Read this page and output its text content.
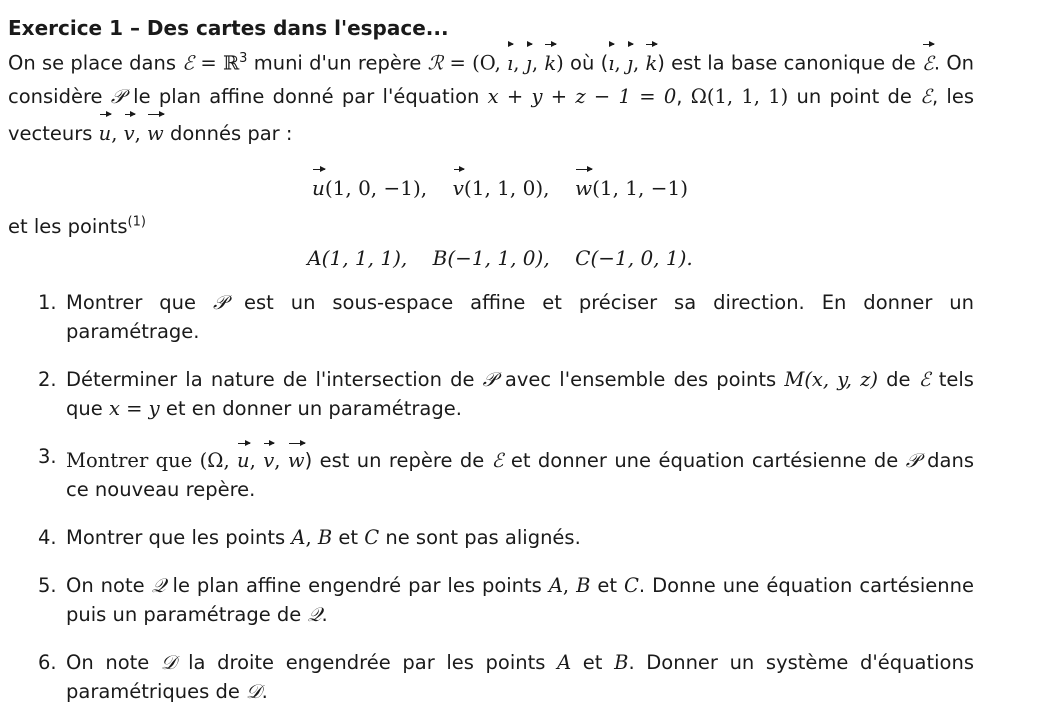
Exercice 1 – Des cartes dans l'espace...

On se place dans ℰ = ℝ$^3$ muni d'un repère ℛ = (O, ı, ȷ, k) où (ı, ȷ, k) est la base canonique de ℰ. On considère 𝒫 le plan affine donné par l'équation x + y + z − 1 = 0, Ω(1, 1, 1) un point de ℰ, les vecteurs u, v, w donnés par :

u(1, 0, −1), v(1, 1, 0), w(1, 1, −1)

et les points$^{(1)}$

A(1, 1, 1), B(−1, 1, 0), C(−1, 0, 1).

1. Montrer que 𝒫 est un sous-espace affine et préciser sa direction. En donner un paramétrage.
2. Déterminer la nature de l'intersection de 𝒫 avec l'ensemble des points M(x, y, z) de ℰ tels que x = y et en donner un paramétrage.
3. Montrer que (Ω, u, v, w) est un repère de ℰ et donner une équation cartésienne de 𝒫 dans ce nouveau repère.
4. Montrer que les points A, B et C ne sont pas alignés.
5. On note 𝒬 le plan affine engendré par les points A, B et C. Donne une équation cartésienne puis un paramétrage de 𝒬.
6. On note 𝒟 la droite engendrée par les points A et B. Donner un système d'équations paramétriques de 𝒟.
